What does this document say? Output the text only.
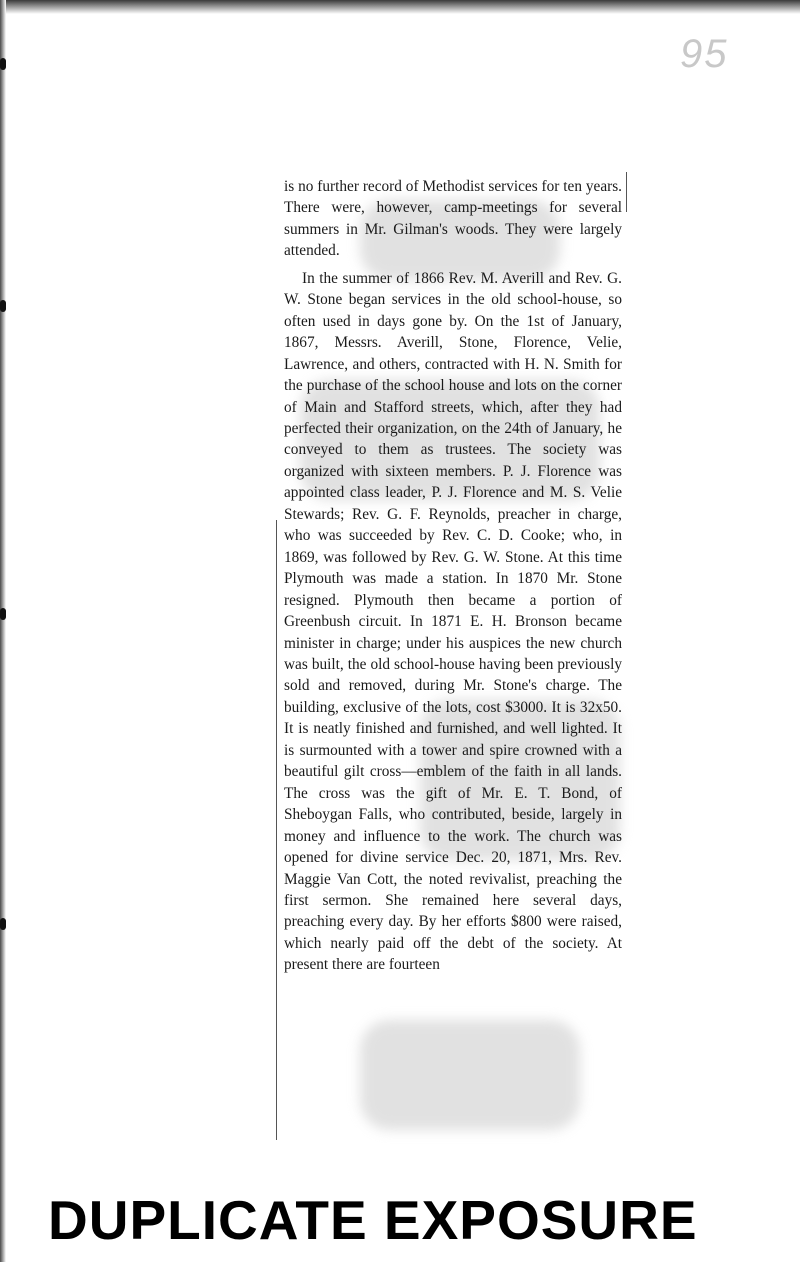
95

is no further record of Methodist services for ten years. There were, however, camp-meetings for several summers in Mr. Gilman's woods. They were largely attended.

In the summer of 1866 Rev. M. Averill and Rev. G. W. Stone began services in the old school-house, so often used in days gone by. On the 1st of January, 1867, Messrs. Averill, Stone, Florence, Velie, Lawrence, and others, contracted with H. N. Smith for the purchase of the school house and lots on the corner of Main and Stafford streets, which, after they had perfected their organization, on the 24th of January, he conveyed to them as trustees. The society was organized with sixteen members. P. J. Florence was appointed class leader, P. J. Florence and M. S. Velie Stewards; Rev. G. F. Reynolds, preacher in charge, who was succeeded by Rev. C. D. Cooke; who, in 1869, was followed by Rev. G. W. Stone. At this time Plymouth was made a station. In 1870 Mr. Stone resigned. Plymouth then became a portion of Greenbush circuit. In 1871 E. H. Bronson became minister in charge; under his auspices the new church was built, the old school-house having been previously sold and removed, during Mr. Stone's charge. The building, exclusive of the lots, cost $3000. It is 32x50. It is neatly finished and furnished, and well lighted. It is surmounted with a tower and spire crowned with a beautiful gilt cross—emblem of the faith in all lands. The cross was the gift of Mr. E. T. Bond, of Sheboygan Falls, who contributed, beside, largely in money and influence to the work. The church was opened for divine service Dec. 20, 1871, Mrs. Rev. Maggie Van Cott, the noted revivalist, preaching the first sermon. She remained here several days, preaching every day. By her efforts $800 were raised, which nearly paid off the debt of the society. At present there are fourteen

DUPLICATE EXPOSURE
